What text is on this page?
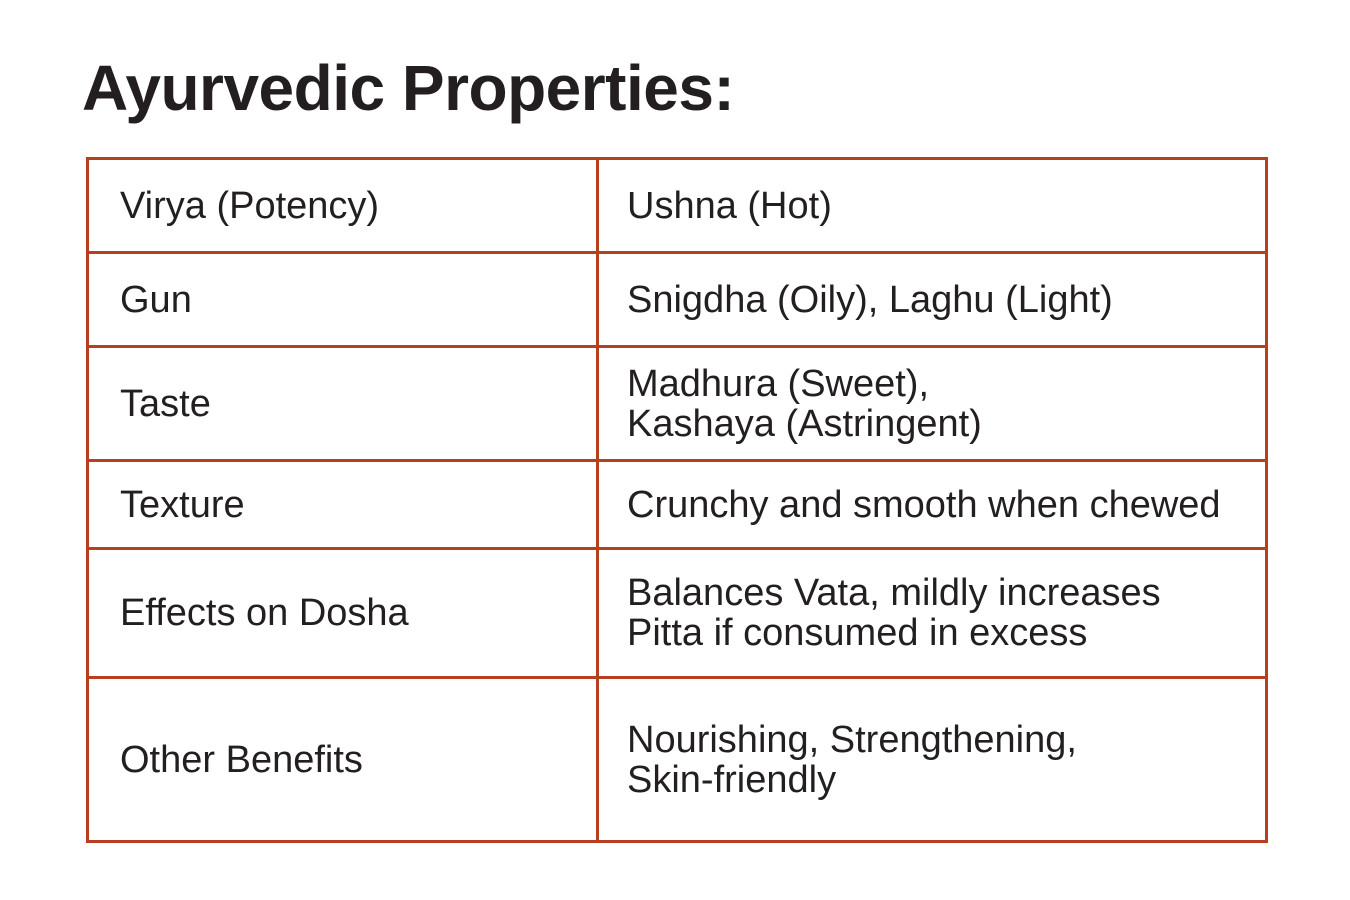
Ayurvedic Properties:
Virya (Potency)	Ushna (Hot)

Gun	Snigdha (Oily), Laghu (Light)

Taste	Madhura (Sweet),
Kashaya (Astringent)

Texture	Crunchy and smooth when chewed

Effects on Dosha	Balances Vata, mildly increases
Pitta if consumed in excess

Other Benefits	Nourishing, Strengthening,
Skin-friendly
